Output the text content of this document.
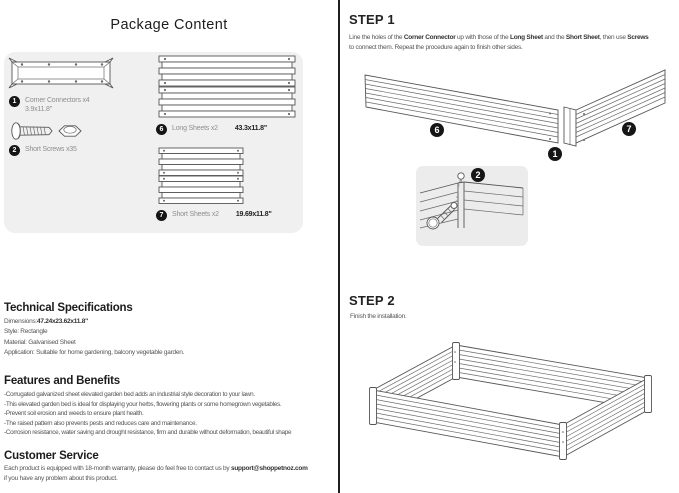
Package Content
1	Corner Connectors x4
3.9x11.8"
2	Short Screws x35
6	Long Sheets x2 43.3x11.8"
7	Short Sheets x2 19.69x11.8"
Technical Specifications
Dimensions:47.24x23.62x11.8"
Style: Rectangle
Material: Galvanised Sheet
Application: Suitable for home gardening, balcony vegetable garden.
Features and Benefits
-Corrugated galvanized sheet elevated garden bed adds an industrial style decoration to your lawn.
-This elevated garden bed is ideal for displaying your herbs, flowering plants or some homegrown vegetables.
-Prevent soil erosion and weeds to ensure plant health.
-The raised pattern also prevents pests and reduces care and maintenance.
-Corrosion resistance, water saving and drought resistance, firm and durable without deformation, beautiful shape
Customer Service
Each product is equipped with 18-month warranty, please do feel free to contact us by support@shoppetnoz.com
if you have any problem about this product.
STEP 1
Line the holes of the Corner Connector up with those of the Long Sheet and the Short Sheet, then use Screws
to connect them. Repeat the procedure again to finish other sides.
6
1
7
2
STEP 2
Finish the installation.
